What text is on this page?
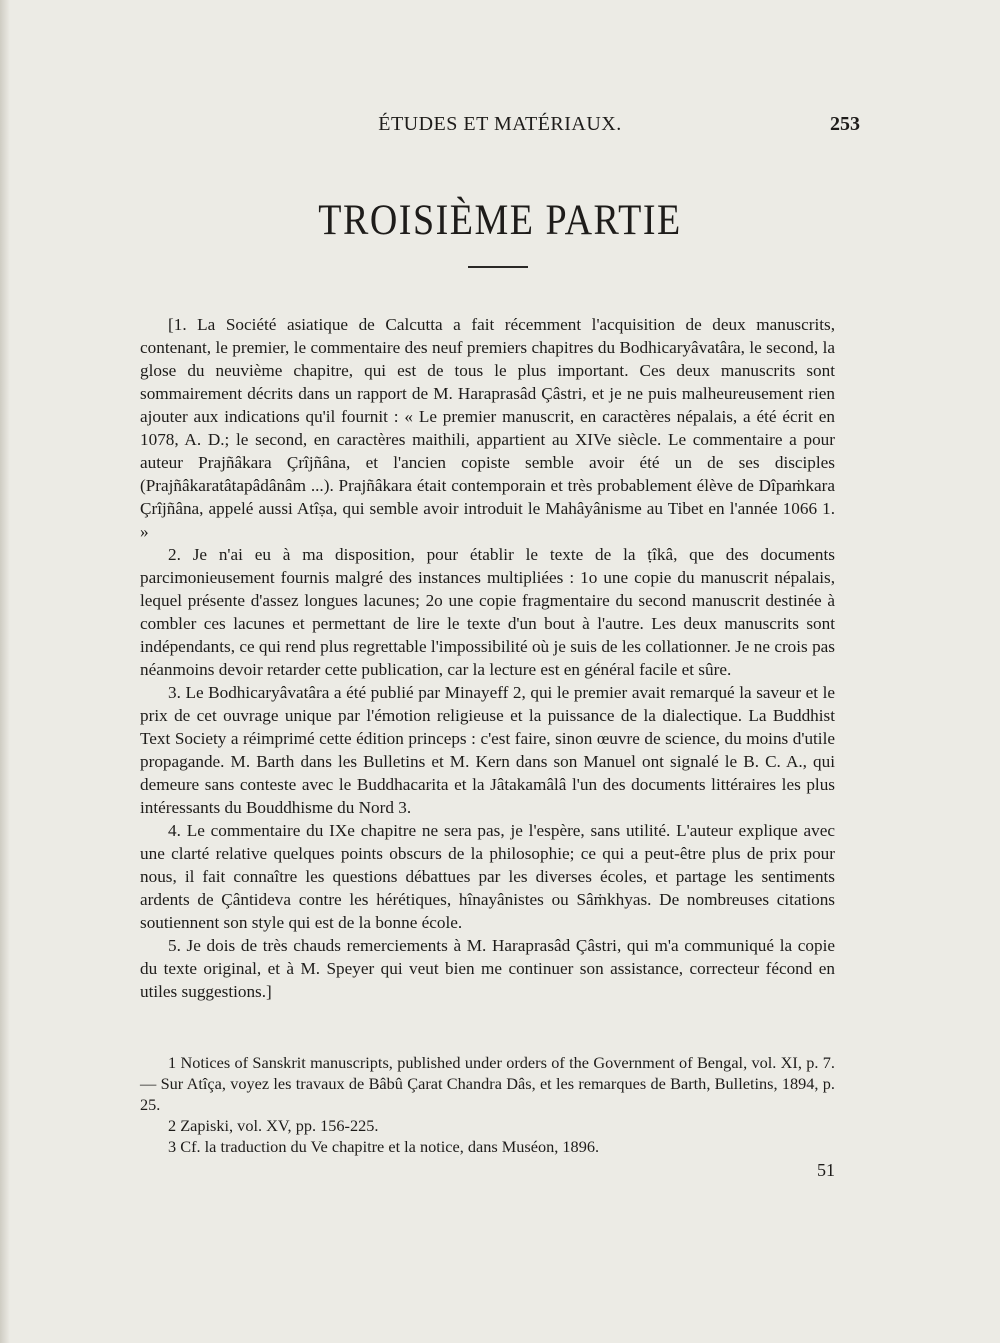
ÉTUDES ET MATÉRIAUX.	253
TROISIÈME PARTIE

[1. La Société asiatique de Calcutta a fait récemment l'acquisition de deux manuscrits, contenant, le premier, le commentaire des neuf premiers chapitres du Bodhicaryâvatâra, le second, la glose du neuvième chapitre, qui est de tous le plus important. Ces deux manuscrits sont sommairement décrits dans un rapport de M. Haraprasâd Çâstri, et je ne puis malheureusement rien ajouter aux indications qu'il fournit : « Le premier manuscrit, en caractères népalais, a été écrit en 1078, A. D.; le second, en caractères maithili, appartient au XIVe siècle. Le commentaire a pour auteur Prajñâkara Çrîjñâna, et l'ancien copiste semble avoir été un de ses disciples (Prajñâkaratâtapâdânâm ...). Prajñâkara était contemporain et très probablement élève de Dîpaṁkara Çrîjñâna, appelé aussi Atîṣa, qui semble avoir introduit le Mahâyânisme au Tibet en l'année 1066 1. »

2. Je n'ai eu à ma disposition, pour établir le texte de la ṭîkâ, que des documents parcimonieusement fournis malgré des instances multipliées : 1o une copie du manuscrit népalais, lequel présente d'assez longues lacunes; 2o une copie fragmentaire du second manuscrit destinée à combler ces lacunes et permettant de lire le texte d'un bout à l'autre. Les deux manuscrits sont indépendants, ce qui rend plus regrettable l'impossibilité où je suis de les collationner. Je ne crois pas néanmoins devoir retarder cette publication, car la lecture est en général facile et sûre.

3. Le Bodhicaryâvatâra a été publié par Minayeff 2, qui le premier avait remarqué la saveur et le prix de cet ouvrage unique par l'émotion religieuse et la puissance de la dialectique. La Buddhist Text Society a réimprimé cette édition princeps : c'est faire, sinon œuvre de science, du moins d'utile propagande. M. Barth dans les Bulletins et M. Kern dans son Manuel ont signalé le B. C. A., qui demeure sans conteste avec le Buddhacarita et la Jâtakamâlâ l'un des documents littéraires les plus intéressants du Bouddhisme du Nord 3.

4. Le commentaire du IXe chapitre ne sera pas, je l'espère, sans utilité. L'auteur explique avec une clarté relative quelques points obscurs de la philosophie; ce qui a peut-être plus de prix pour nous, il fait connaître les questions débattues par les diverses écoles, et partage les sentiments ardents de Çântideva contre les hérétiques, hînayânistes ou Sâṁkhyas. De nombreuses citations soutiennent son style qui est de la bonne école.

5. Je dois de très chauds remerciements à M. Haraprasâd Çâstri, qui m'a communiqué la copie du texte original, et à M. Speyer qui veut bien me continuer son assistance, correcteur fécond en utiles suggestions.]

1 Notices of Sanskrit manuscripts, published under orders of the Government of Bengal, vol. XI, p. 7. — Sur Atîça, voyez les travaux de Bâbû Çarat Chandra Dâs, et les remarques de Barth, Bulletins, 1894, p. 25.

2 Zapiski, vol. XV, pp. 156-225.

3 Cf. la traduction du Ve chapitre et la notice, dans Muséon, 1896.

51
